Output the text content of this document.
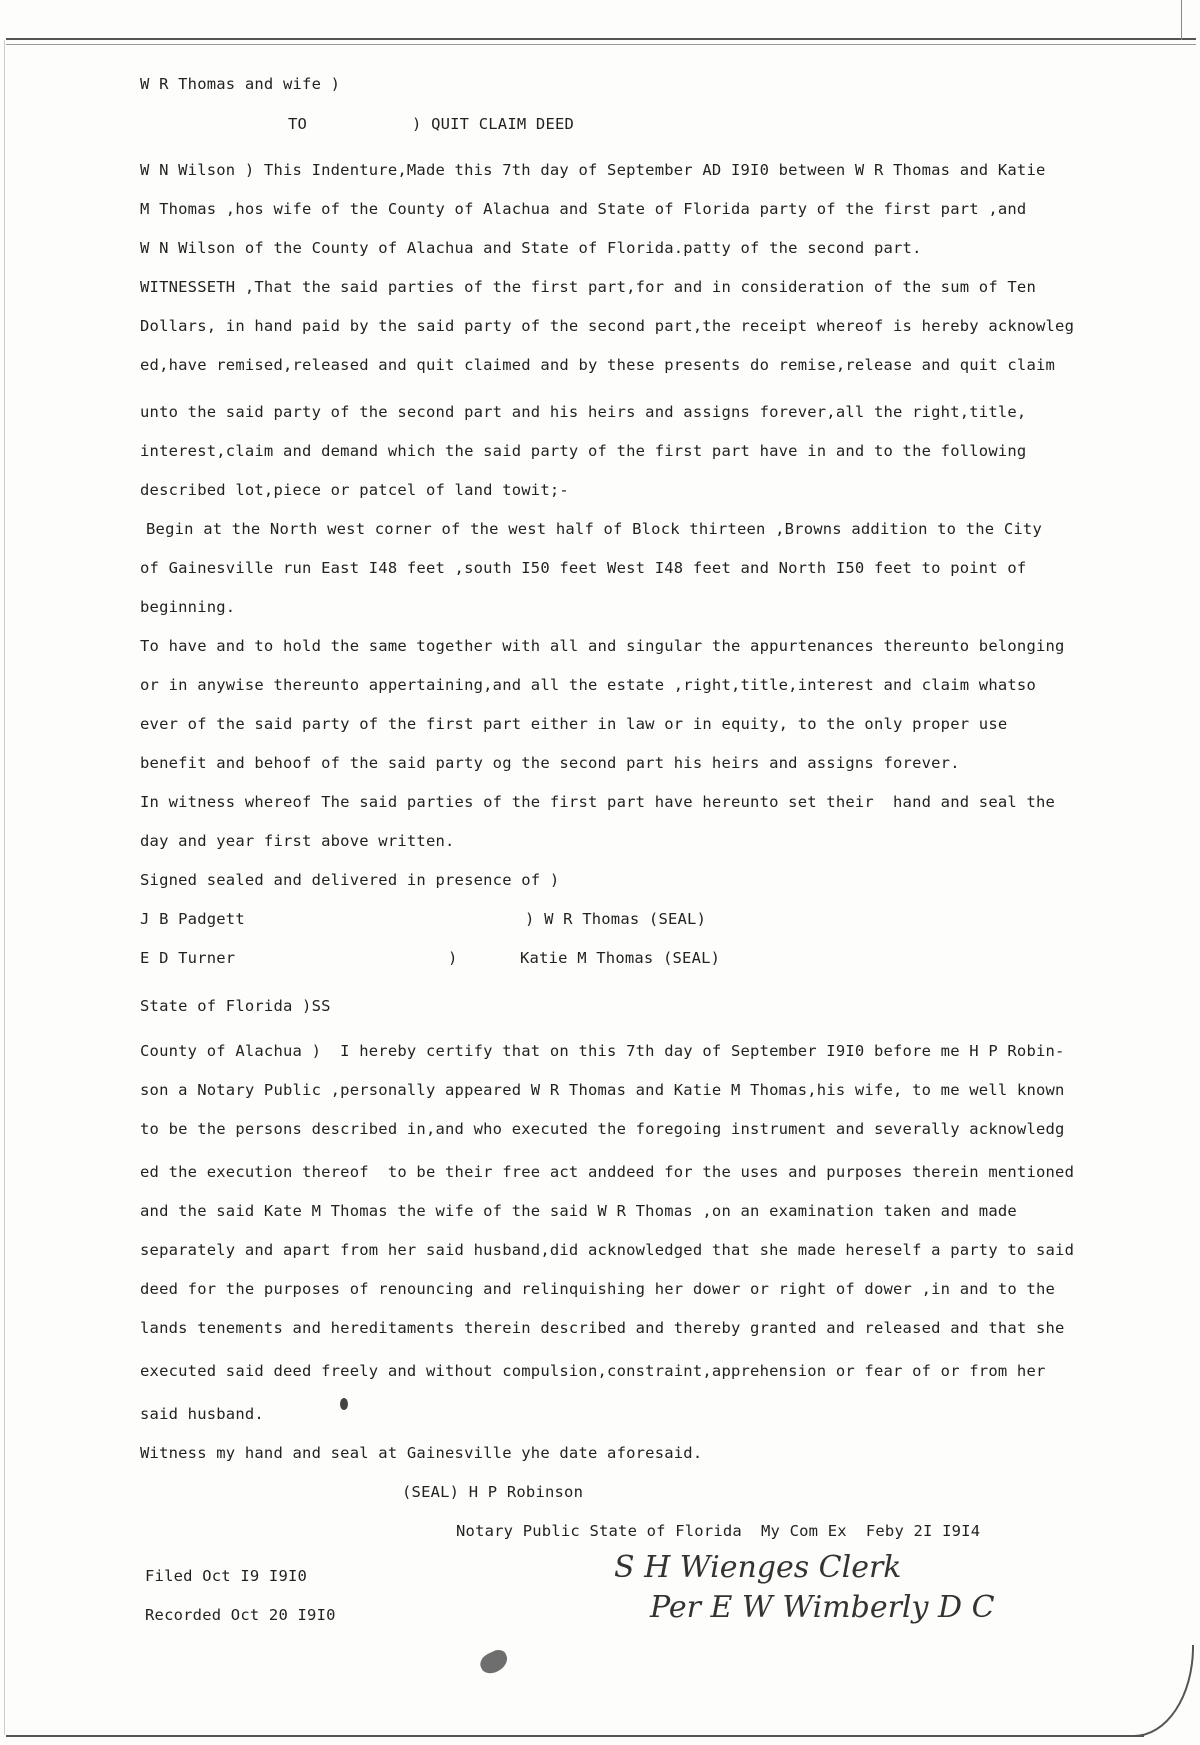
W R Thomas and wife )
TO	) QUIT CLAIM DEED
W N Wilson ) This Indenture,Made this 7th day of September AD I9I0 between W R Thomas and Katie
M Thomas ,hos wife of the County of Alachua and State of Florida party of the first part ,and
W N Wilson of the County of Alachua and State of Florida.patty of the second part.
WITNESSETH ,That the said parties of the first part,for and in consideration of the sum of Ten
Dollars, in hand paid by the said party of the second part,the receipt whereof is hereby acknowleg
ed,have remised,released and quit claimed and by these presents do remise,release and quit claim
unto the said party of the second part and his heirs and assigns forever,all the right,title,
interest,claim and demand which the said party of the first part have in and to the following
described lot,piece or patcel of land towit;-
Begin at the North west corner of the west half of Block thirteen ,Browns addition to the City
of Gainesville run East I48 feet ,south I50 feet West I48 feet and North I50 feet to point of
beginning.
To have and to hold the same together with all and singular the appurtenances thereunto belonging
or in anywise thereunto appertaining,and all the estate ,right,title,interest and claim whatso
ever of the said party of the first part either in law or in equity, to the only proper use
benefit and behoof of the said party og the second part his heirs and assigns forever.
In witness whereof The said parties of the first part have hereunto set their  hand and seal the
day and year first above written.
Signed sealed and delivered in presence of )
J B Padgett	) W R Thomas (SEAL)
E D Turner	)	Katie M Thomas (SEAL)
State of Florida )SS
County of Alachua )  I hereby certify that on this 7th day of September I9I0 before me H P Robin-
son a Notary Public ,personally appeared W R Thomas and Katie M Thomas,his wife, to me well known
to be the persons described in,and who executed the foregoing instrument and severally acknowledg
ed the execution thereof  to be their free act anddeed for the uses and purposes therein mentioned
and the said Kate M Thomas the wife of the said W R Thomas ,on an examination taken and made
separately and apart from her said husband,did acknowledged that she made hereself a party to said
deed for the purposes of renouncing and relinquishing her dower or right of dower ,in and to the
lands tenements and hereditaments therein described and thereby granted and released and that she
executed said deed freely and without compulsion,constraint,apprehension or fear of or from her
said husband.
Witness my hand and seal at Gainesville yhe date aforesaid.
(SEAL) H P Robinson
Notary Public State of Florida  My Com Ex  Feby 2I I9I4
Filed Oct I9 I9I0
Recorded Oct 20 I9I0
S H Wienges Clerk
Per E W Wimberly D C
